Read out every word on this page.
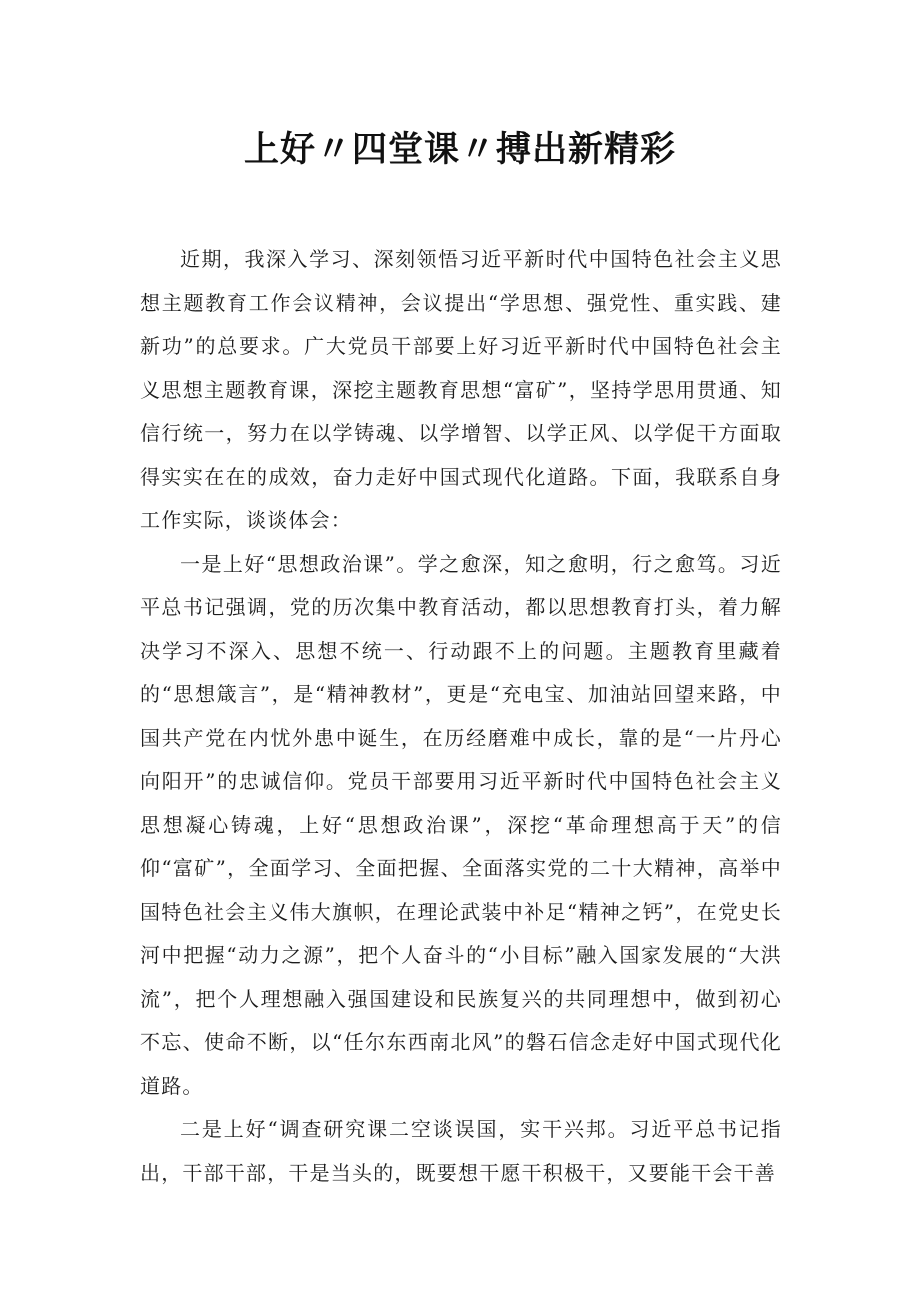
上好〃四堂课〃搏出新精彩

近期，我深入学习、深刻领悟习近平新时代中国特色社会主义思想主题教育工作会议精神，会议提出“学思想、强党性、重实践、建新功”的总要求。广大党员干部要上好习近平新时代中国特色社会主义思想主题教育课，深挖主题教育思想“富矿”，坚持学思用贯通、知信行统一，努力在以学铸魂、以学增智、以学正风、以学促干方面取得实实在在的成效，奋力走好中国式现代化道路。下面，我联系自身工作实际，谈谈体会：

一是上好“思想政治课”。学之愈深，知之愈明，行之愈笃。习近平总书记强调，党的历次集中教育活动，都以思想教育打头，着力解决学习不深入、思想不统一、行动跟不上的问题。主题教育里藏着的“思想箴言”，是“精神教材”，更是“充电宝、加油站回望来路，中国共产党在内忧外患中诞生，在历经磨难中成长，靠的是“一片丹心向阳开”的忠诚信仰。党员干部要用习近平新时代中国特色社会主义思想凝心铸魂，上好“思想政治课”，深挖“革命理想高于天”的信仰“富矿”，全面学习、全面把握、全面落实党的二十大精神，高举中国特色社会主义伟大旗帜，在理论武装中补足“精神之钙”，在党史长河中把握“动力之源”，把个人奋斗的“小目标”融入国家发展的“大洪流”，把个人理想融入强国建设和民族复兴的共同理想中，做到初心不忘、使命不断，以“任尔东西南北风”的磐石信念走好中国式现代化道路。

二是上好“调查研究课二空谈误国，实干兴邦。习近平总书记指出，干部干部，干是当头的，既要想干愿干积极干，又要能干会干善
